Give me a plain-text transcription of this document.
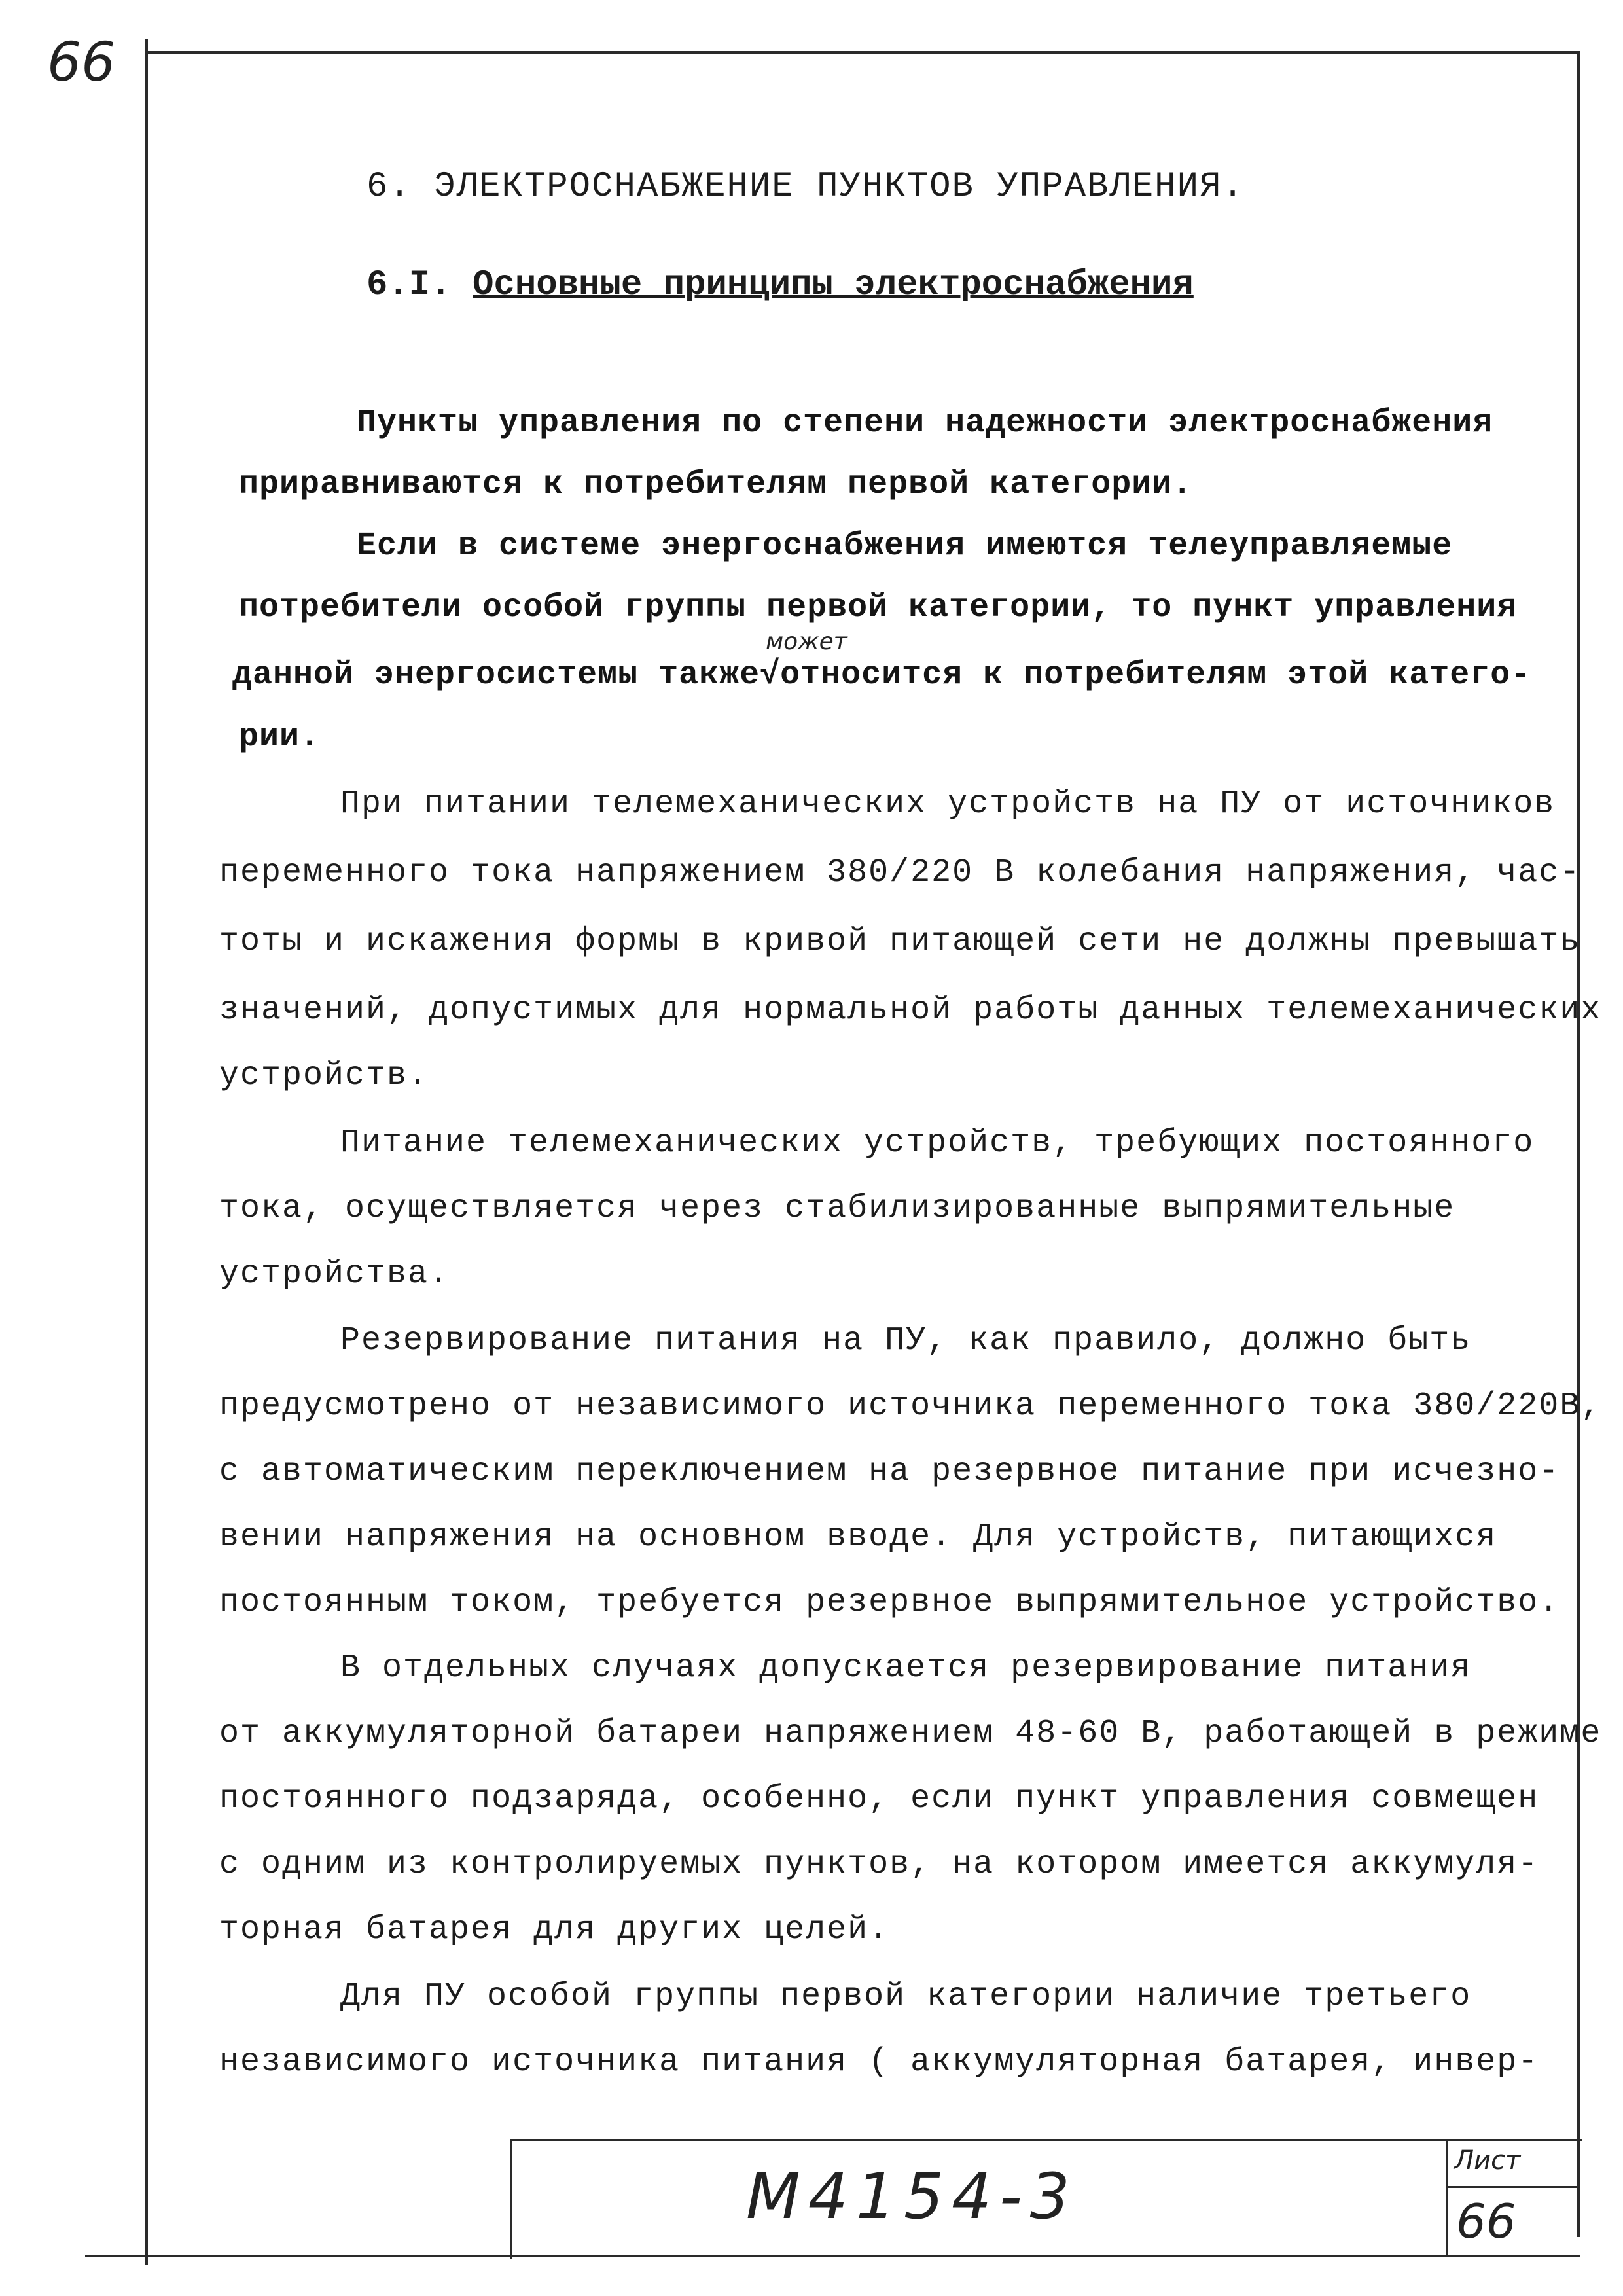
66
6. ЭЛЕКТРОСНАБЖЕНИЕ ПУНКТОВ УПРАВЛЕНИЯ.
6.I. Основные принципы электроснабжения
Пункты управления по степени надежности электроснабжения
приравниваются к потребителям первой категории.
Если в системе энергоснабжения имеются телеуправляемые
потребители особой группы первой категории, то пункт управления
может
данной энергосистемы также√относится к потребителям этой катего-
рии.
При питании телемеханических устройств на ПУ от источников
переменного тока напряжением 380/220 В колебания напряжения, час-
тоты и искажения формы в кривой питающей сети не должны превышать
значений, допустимых для нормальной работы данных телемеханических
устройств.
Питание телемеханических устройств, требующих постоянного
тока, осуществляется через стабилизированные выпрямительные
устройства.
Резервирование питания на ПУ, как правило, должно быть
предусмотрено от независимого источника переменного тока 380/220В,
с автоматическим переключением на резервное питание при исчезно-
вении напряжения на основном вводе. Для устройств, питающихся
постоянным током, требуется резервное выпрямительное устройство.
В отдельных случаях допускается резервирование питания
от аккумуляторной батареи напряжением 48-60 В, работающей в режиме
постоянного подзаряда, особенно, если пункт управления совмещен
с одним из контролируемых пунктов, на котором имеется аккумуля-
торная батарея для других целей.
Для ПУ особой группы первой категории наличие третьего
независимого источника питания ( аккумуляторная батарея, инвер-
М4154-3	Лист
66
